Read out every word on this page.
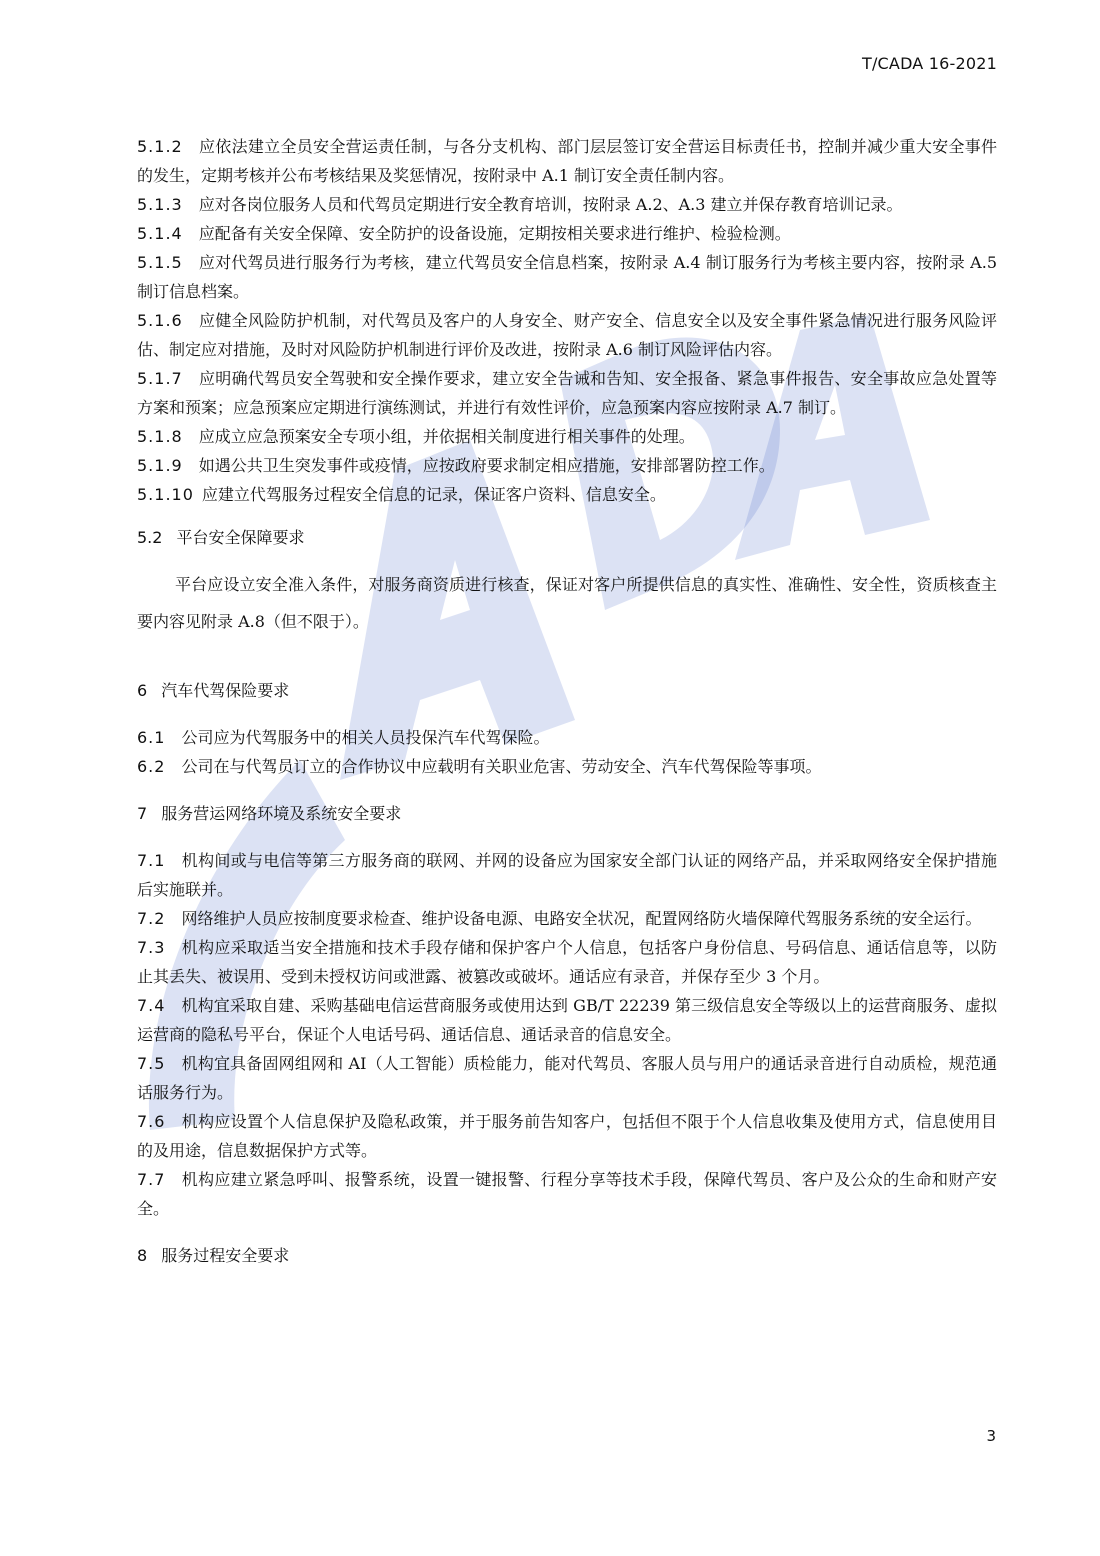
T/CADA 16-2021

5.1.2 应依法建立全员安全营运责任制，与各分支机构、部门层层签订安全营运目标责任书，控制并减少重大安全事件的发生，定期考核并公布考核结果及奖惩情况，按附录中 A.1 制订安全责任制内容。

5.1.3 应对各岗位服务人员和代驾员定期进行安全教育培训，按附录 A.2、A.3 建立并保存教育培训记录。

5.1.4 应配备有关安全保障、安全防护的设备设施，定期按相关要求进行维护、检验检测。

5.1.5 应对代驾员进行服务行为考核，建立代驾员安全信息档案，按附录 A.4 制订服务行为考核主要内容，按附录 A.5 制订信息档案。

5.1.6 应健全风险防护机制，对代驾员及客户的人身安全、财产安全、信息安全以及安全事件紧急情况进行服务风险评估、制定应对措施，及时对风险防护机制进行评价及改进，按附录 A.6 制订风险评估内容。

5.1.7 应明确代驾员安全驾驶和安全操作要求，建立安全告诫和告知、安全报备、紧急事件报告、安全事故应急处置等方案和预案；应急预案应定期进行演练测试，并进行有效性评价，应急预案内容应按附录 A.7 制订。

5.1.8 应成立应急预案安全专项小组，并依据相关制度进行相关事件的处理。

5.1.9 如遇公共卫生突发事件或疫情，应按政府要求制定相应措施，安排部署防控工作。

5.1.10 应建立代驾服务过程安全信息的记录，保证客户资料、信息安全。

5.2 平台安全保障要求

平台应设立安全准入条件，对服务商资质进行核查，保证对客户所提供信息的真实性、准确性、安全性，资质核查主要内容见附录 A.8（但不限于）。

6 汽车代驾保险要求

6.1 公司应为代驾服务中的相关人员投保汽车代驾保险。

6.2 公司在与代驾员订立的合作协议中应载明有关职业危害、劳动安全、汽车代驾保险等事项。

7 服务营运网络环境及系统安全要求

7.1 机构间或与电信等第三方服务商的联网、并网的设备应为国家安全部门认证的网络产品，并采取网络安全保护措施后实施联并。

7.2 网络维护人员应按制度要求检查、维护设备电源、电路安全状况，配置网络防火墙保障代驾服务系统的安全运行。

7.3 机构应采取适当安全措施和技术手段存储和保护客户个人信息，包括客户身份信息、号码信息、通话信息等，以防止其丢失、被误用、受到未授权访问或泄露、被篡改或破坏。通话应有录音，并保存至少 3 个月。

7.4 机构宜采取自建、采购基础电信运营商服务或使用达到 GB/T 22239 第三级信息安全等级以上的运营商服务、虚拟运营商的隐私号平台，保证个人电话号码、通话信息、通话录音的信息安全。

7.5 机构宜具备固网组网和 AI（人工智能）质检能力，能对代驾员、客服人员与用户的通话录音进行自动质检，规范通话服务行为。

7.6 机构应设置个人信息保护及隐私政策，并于服务前告知客户，包括但不限于个人信息收集及使用方式，信息使用目的及用途，信息数据保护方式等。

7.7 机构应建立紧急呼叫、报警系统，设置一键报警、行程分享等技术手段，保障代驾员、客户及公众的生命和财产安全。

8 服务过程安全要求

3
